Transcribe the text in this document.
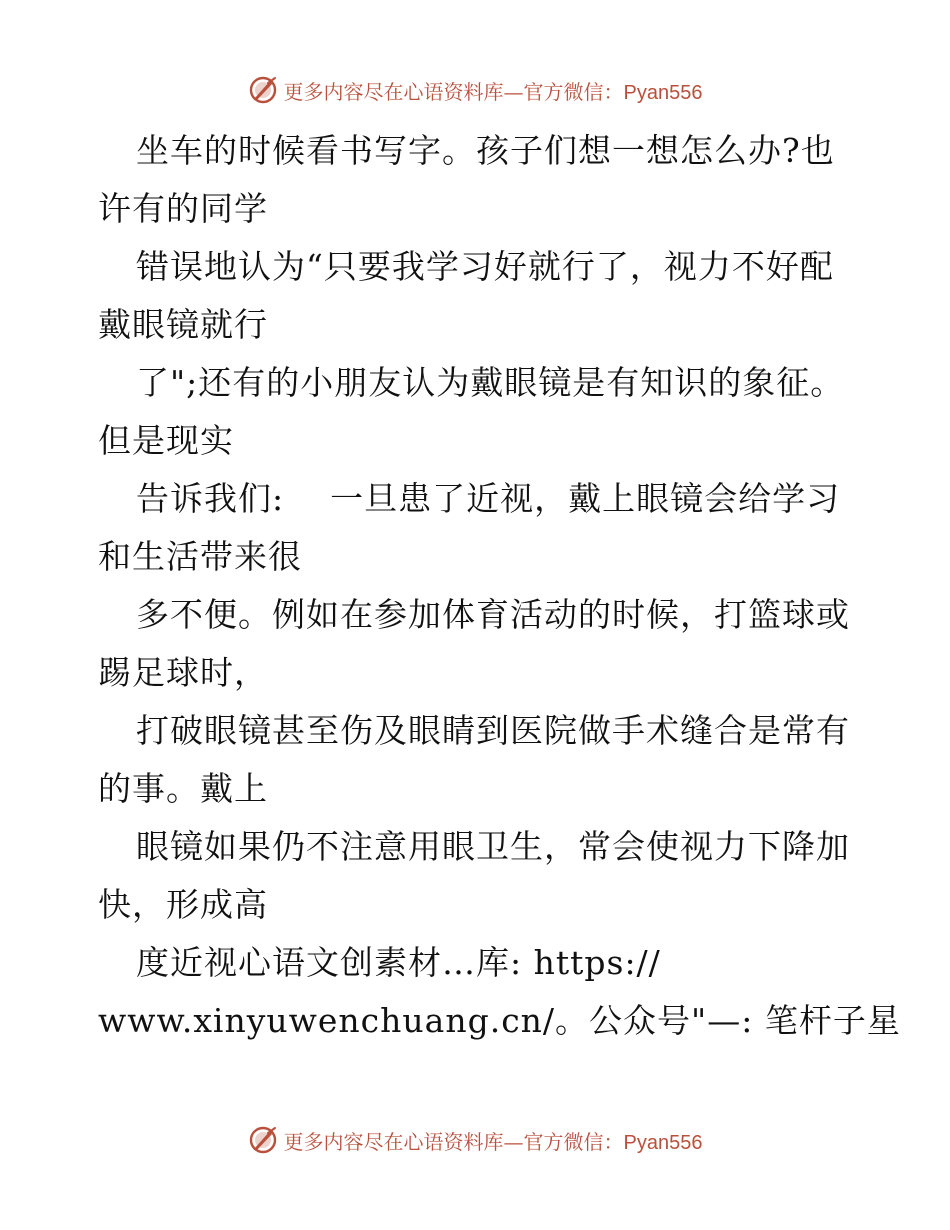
更多内容尽在心语资料库—官方微信：Pyan556
坐车的时候看书写字。孩子们想一想怎么办?也
许有的同学
错误地认为“只要我学习好就行了，视力不好配
戴眼镜就行
了";还有的小朋友认为戴眼镜是有知识的象征。
但是现实
告诉我们:    一旦患了近视，戴上眼镜会给学习
和生活带来很
多不便。例如在参加体育活动的时候，打篮球或
踢足球时，
打破眼镜甚至伤及眼睛到医院做手术缝合是常有
的事。戴上
眼镜如果仍不注意用眼卫生，常会使视力下降加
快，形成高
度近视心语文创素材…库: https://
www.xinyuwenchuang.cn/。公众号"—: 笔杆子星
更多内容尽在心语资料库—官方微信：Pyan556
